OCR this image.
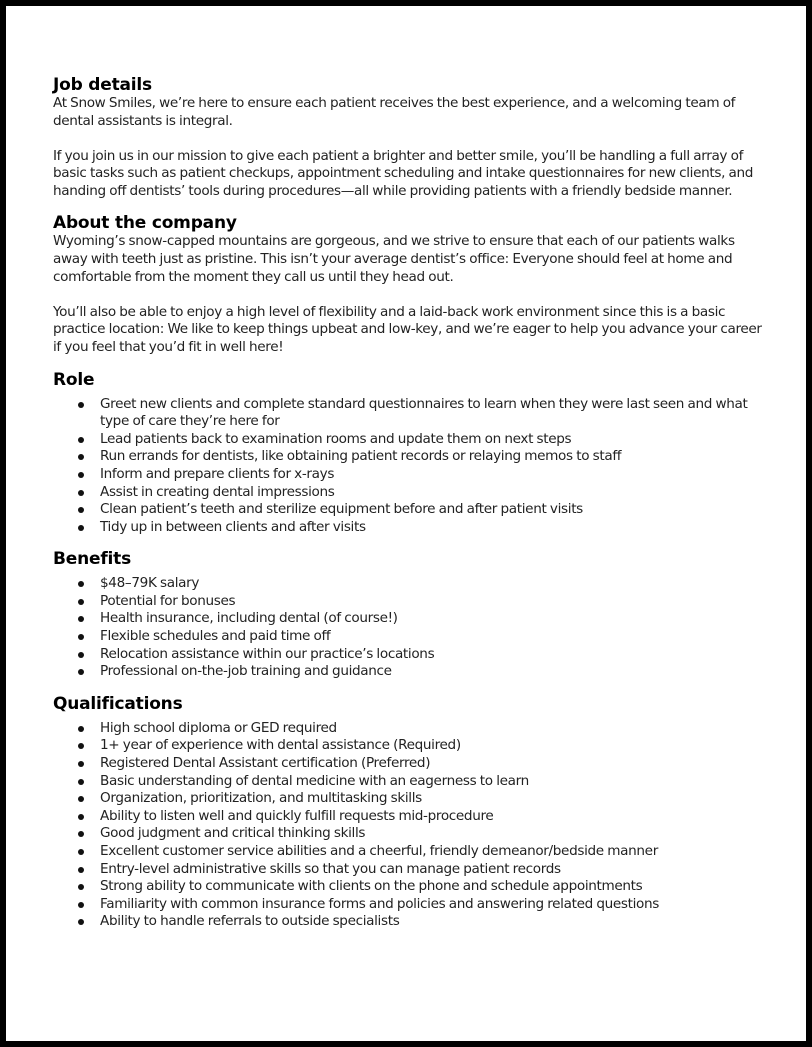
Job details

At Snow Smiles, we’re here to ensure each patient receives the best experience, and a welcoming team of dental assistants is integral.

If you join us in our mission to give each patient a brighter and better smile, you’ll be handling a full array of basic tasks such as patient checkups, appointment scheduling and intake questionnaires for new clients, and handing off dentists’ tools during procedures—all while providing patients with a friendly bedside manner.

About the company

Wyoming’s snow-capped mountains are gorgeous, and we strive to ensure that each of our patients walks away with teeth just as pristine. This isn’t your average dentist’s office: Everyone should feel at home and comfortable from the moment they call us until they head out.

You’ll also be able to enjoy a high level of flexibility and a laid-back work environment since this is a basic practice location: We like to keep things upbeat and low-key, and we’re eager to help you advance your career if you feel that you’d fit in well here!

Role
Greet new clients and complete standard questionnaires to learn when they were last seen and what type of care they’re here for
Lead patients back to examination rooms and update them on next steps
Run errands for dentists, like obtaining patient records or relaying memos to staff
Inform and prepare clients for x-rays
Assist in creating dental impressions
Clean patient’s teeth and sterilize equipment before and after patient visits
Tidy up in between clients and after visits
Benefits
$48–79K salary
Potential for bonuses
Health insurance, including dental (of course!)
Flexible schedules and paid time off
Relocation assistance within our practice’s locations
Professional on-the-job training and guidance
Qualifications
High school diploma or GED required
1+ year of experience with dental assistance (Required)
Registered Dental Assistant certification (Preferred)
Basic understanding of dental medicine with an eagerness to learn
Organization, prioritization, and multitasking skills
Ability to listen well and quickly fulfill requests mid-procedure
Good judgment and critical thinking skills
Excellent customer service abilities and a cheerful, friendly demeanor/bedside manner
Entry-level administrative skills so that you can manage patient records
Strong ability to communicate with clients on the phone and schedule appointments
Familiarity with common insurance forms and policies and answering related questions
Ability to handle referrals to outside specialists
